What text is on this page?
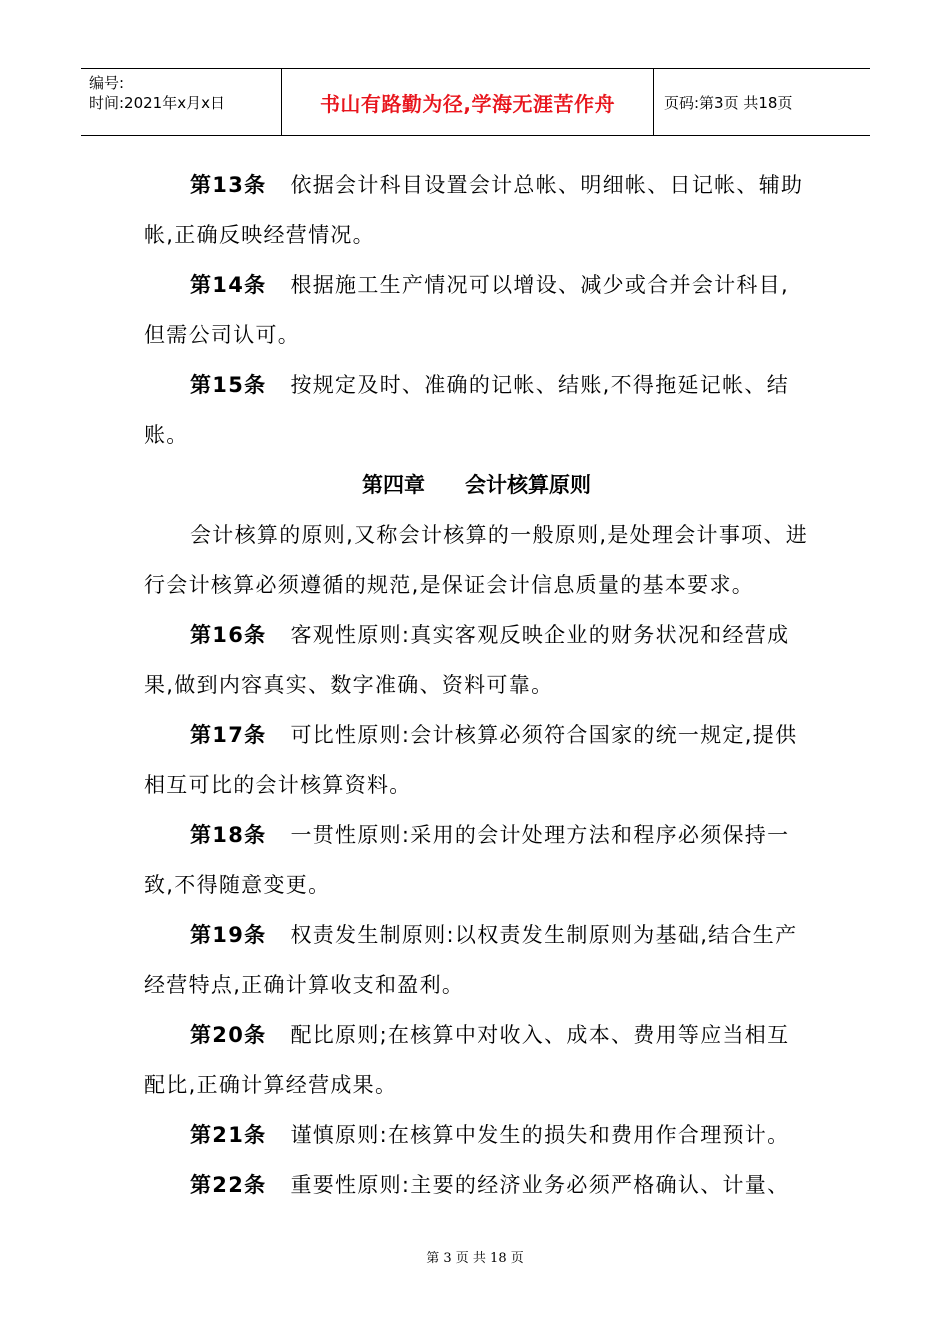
编号:
时间:2021年x月x日	书山有路勤为径,学海无涯苦作舟	页码:第3页 共18页

第13条 依据会计科目设置会计总帐、明细帐、日记帐、辅助帐,正确反映经营情况。

第14条 根据施工生产情况可以增设、减少或合并会计科目,但需公司认可。

第15条 按规定及时、准确的记帐、结账,不得拖延记帐、结账。

第四章 会计核算原则

会计核算的原则,又称会计核算的一般原则,是处理会计事项、进行会计核算必须遵循的规范,是保证会计信息质量的基本要求。

第16条 客观性原则:真实客观反映企业的财务状况和经营成果,做到内容真实、数字准确、资料可靠。

第17条 可比性原则:会计核算必须符合国家的统一规定,提供相互可比的会计核算资料。

第18条 一贯性原则:采用的会计处理方法和程序必须保持一致,不得随意变更。

第19条 权责发生制原则:以权责发生制原则为基础,结合生产经营特点,正确计算收支和盈利。

第20条 配比原则;在核算中对收入、成本、费用等应当相互配比,正确计算经营成果。

第21条 谨慎原则:在核算中发生的损失和费用作合理预计。

第22条 重要性原则:主要的经济业务必须严格确认、计量、

第 3 页 共 18 页
